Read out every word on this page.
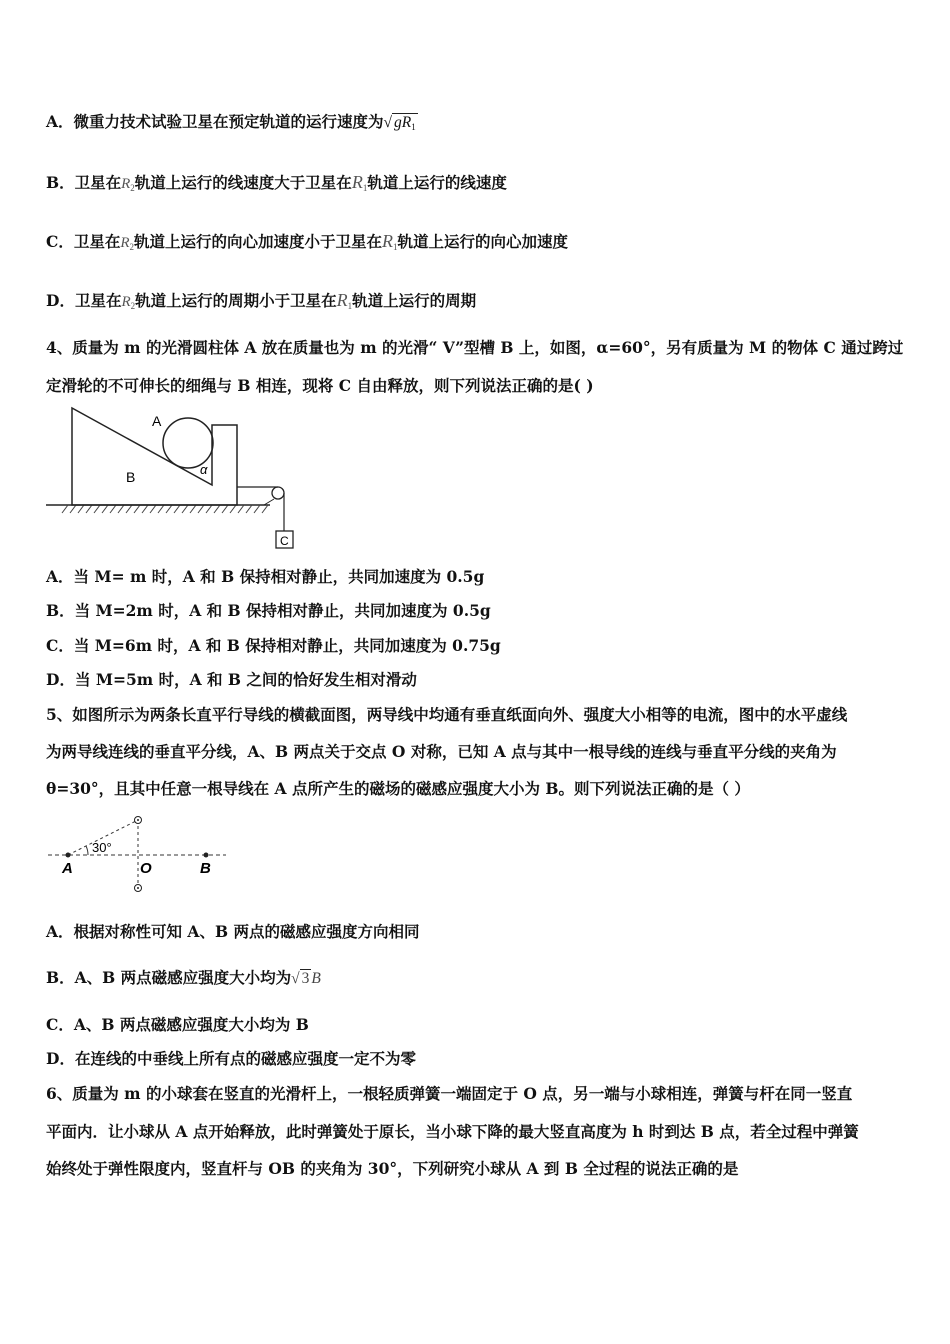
A．微重力技术试验卫星在预定轨道的运行速度为√ $gR_1$
B．卫星在$R_2$轨道上运行的线速度大于卫星在$R_1$轨道上运行的线速度
C．卫星在$R_2$轨道上运行的向心加速度小于卫星在$R_1$轨道上运行的向心加速度
D．卫星在$R_2$轨道上运行的周期小于卫星在$R_1$轨道上运行的周期
4、质量为 m 的光滑圆柱体 A 放在质量也为 m 的光滑“ V”型槽 B 上，如图，α=60°，另有质量为 M 的物体 C 通过跨过
定滑轮的不可伸长的细绳与 B 相连，现将 C 自由释放，则下列说法正确的是( )
A
B	α
C
A．当 M= m 时，A 和 B 保持相对静止，共同加速度为 0.5g
B．当 M=2m 时，A 和 B 保持相对静止，共同加速度为 0.5g
C．当 M=6m 时，A 和 B 保持相对静止，共同加速度为 0.75g
D．当 M=5m 时，A 和 B 之间的恰好发生相对滑动
5、如图所示为两条长直平行导线的横截面图，两导线中均通有垂直纸面向外、强度大小相等的电流，图中的水平虚线
为两导线连线的垂直平分线，A、B 两点关于交点 O 对称，已知 A 点与其中一根导线的连线与垂直平分线的夹角为
θ=30°，且其中任意一根导线在 A 点所产生的磁场的磁感应强度大小为 B。则下列说法正确的是（ ）
30°
A	O	B
A．根据对称性可知 A、B 两点的磁感应强度方向相同
B．A、B 两点磁感应强度大小均为√ 3 B
C．A、B 两点磁感应强度大小均为 B
D．在连线的中垂线上所有点的磁感应强度一定不为零
6、质量为 m 的小球套在竖直的光滑杆上，一根轻质弹簧一端固定于 O 点，另一端与小球相连，弹簧与杆在同一竖直
平面内．让小球从 A 点开始释放，此时弹簧处于原长，当小球下降的最大竖直高度为 h 时到达 B 点，若全过程中弹簧
始终处于弹性限度内，竖直杆与 OB 的夹角为 30°，下列研究小球从 A 到 B 全过程的说法正确的是
